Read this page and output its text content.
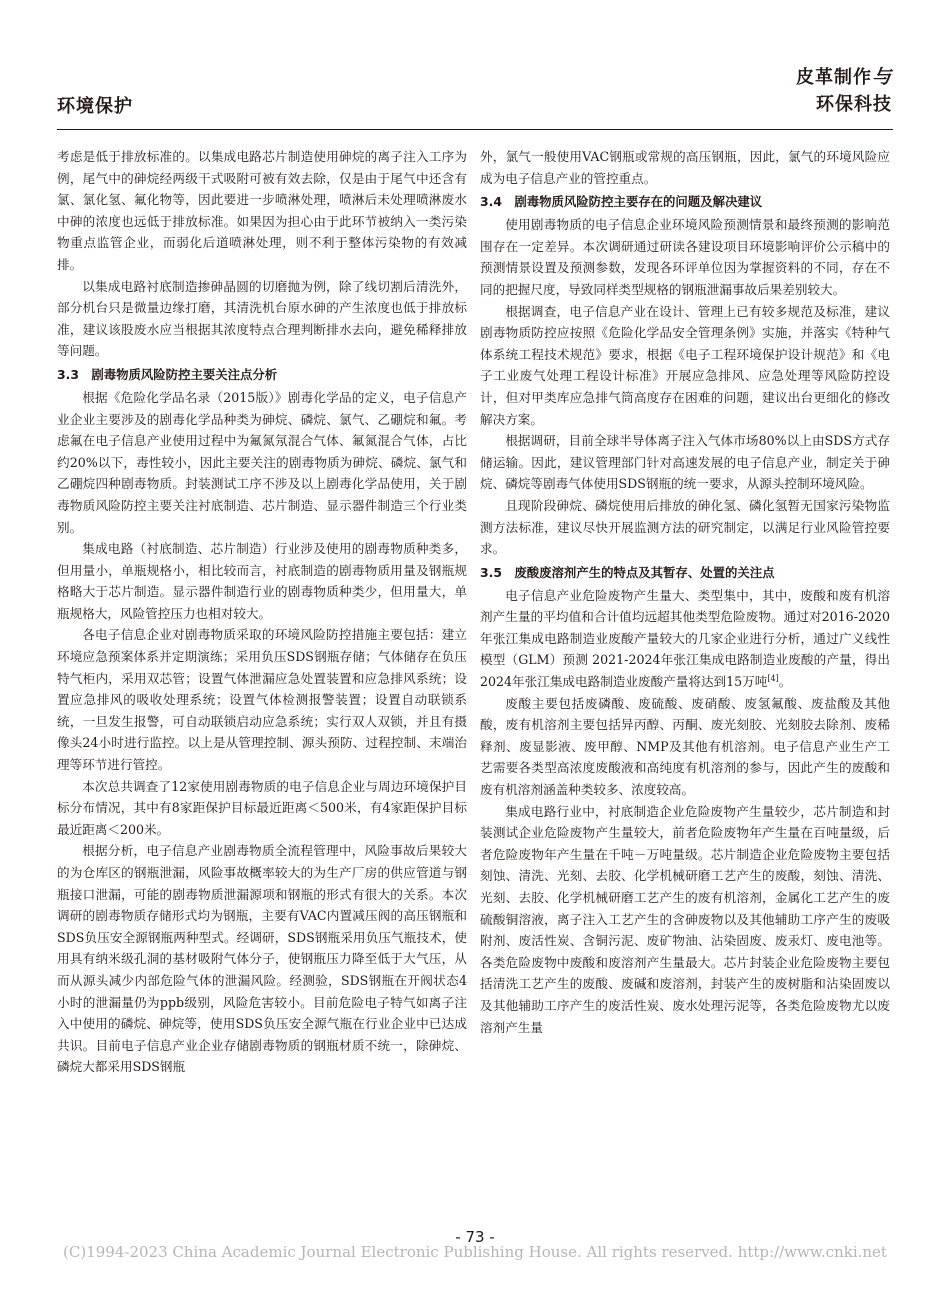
环境保护
皮革制作与
环保科技

考虑是低于排放标准的。以集成电路芯片制造使用砷烷的离子注入工序为例，尾气中的砷烷经两级干式吸附可被有效去除，仅是由于尾气中还含有氯、氯化氢、氟化物等，因此要进一步喷淋处理，喷淋后未处理喷淋废水中砷的浓度也远低于排放标准。如果因为担心由于此环节被纳入一类污染物重点监管企业，而弱化后道喷淋处理，则不利于整体污染物的有效减排。

以集成电路衬底制造掺砷晶圆的切磨抛为例，除了线切割后清洗外，部分机台只是微量边缘打磨，其清洗机台原水砷的产生浓度也低于排放标准，建议该股废水应当根据其浓度特点合理判断排水去向，避免稀释排放等问题。

3.3　剧毒物质风险防控主要关注点分析

根据《危险化学品名录（2015版）》剧毒化学品的定义，电子信息产业企业主要涉及的剧毒化学品种类为砷烷、磷烷、氯气、乙硼烷和氟。考虑氟在电子信息产业使用过程中为氟氮氖混合气体、氟氮混合气体，占比约20%以下，毒性较小，因此主要关注的剧毒物质为砷烷、磷烷、氯气和乙硼烷四种剧毒物质。封装测试工序不涉及以上剧毒化学品使用，关于剧毒物质风险防控主要关注衬底制造、芯片制造、显示器件制造三个行业类别。

集成电路（衬底制造、芯片制造）行业涉及使用的剧毒物质种类多，但用量小，单瓶规格小，相比较而言，衬底制造的剧毒物质用量及钢瓶规格略大于芯片制造。显示器件制造行业的剧毒物质种类少，但用量大，单瓶规格大，风险管控压力也相对较大。

各电子信息企业对剧毒物质采取的环境风险防控措施主要包括：建立环境应急预案体系并定期演练；采用负压SDS钢瓶存储；气体储存在负压特气柜内，采用双芯管；设置气体泄漏应急处置装置和应急排风系统；设置应急排风的吸收处理系统；设置气体检测报警装置；设置自动联锁系统，一旦发生报警，可自动联锁启动应急系统；实行双人双锁，并且有摄像头24小时进行监控。以上是从管理控制、源头预防、过程控制、末端治理等环节进行管控。

本次总共调查了12家使用剧毒物质的电子信息企业与周边环境保护目标分布情况，其中有8家距保护目标最近距离＜500米，有4家距保护目标最近距离＜200米。

根据分析，电子信息产业剧毒物质全流程管理中，风险事故后果较大的为仓库区的钢瓶泄漏，风险事故概率较大的为生产厂房的供应管道与钢瓶接口泄漏，可能的剧毒物质泄漏源项和钢瓶的形式有很大的关系。本次调研的剧毒物质存储形式均为钢瓶，主要有VAC内置减压阀的高压钢瓶和SDS负压安全源钢瓶两种型式。经调研，SDS钢瓶采用负压气瓶技术，使用具有纳米级孔洞的基材吸附气体分子，使钢瓶压力降至低于大气压，从而从源头减少内部危险气体的泄漏风险。经测验，SDS钢瓶在开阀状态4小时的泄漏量仍为ppb级别，风险危害较小。目前危险电子特气如离子注入中使用的磷烷、砷烷等，使用SDS负压安全源气瓶在行业企业中已达成共识。目前电子信息产业企业存储剧毒物质的钢瓶材质不统一，除砷烷、磷烷大都采用SDS钢瓶

外，氯气一般使用VAC钢瓶或常规的高压钢瓶，因此，氯气的环境风险应成为电子信息产业的管控重点。

3.4　剧毒物质风险防控主要存在的问题及解决建议

使用剧毒物质的电子信息企业环境风险预测情景和最终预测的影响范围存在一定差异。本次调研通过研读各建设项目环境影响评价公示稿中的预测情景设置及预测参数，发现各环评单位因为掌握资料的不同，存在不同的把握尺度，导致同样类型规格的钢瓶泄漏事故后果差别较大。

根据调查，电子信息产业在设计、管理上已有较多规范及标准，建议剧毒物质防控应按照《危险化学品安全管理条例》实施，并落实《特种气体系统工程技术规范》要求，根据《电子工程环境保护设计规范》和《电子工业废气处理工程设计标准》开展应急排风、应急处理等风险防控设计，但对甲类库应急排气筒高度存在困难的问题，建议出台更细化的修改解决方案。

根据调研，目前全球半导体离子注入气体市场80%以上由SDS方式存储运输。因此，建议管理部门针对高速发展的电子信息产业，制定关于砷烷、磷烷等剧毒气体使用SDS钢瓶的统一要求，从源头控制环境风险。

且现阶段砷烷、磷烷使用后排放的砷化氢、磷化氢暂无国家污染物监测方法标准，建议尽快开展监测方法的研究制定，以满足行业风险管控要求。

3.5　废酸废溶剂产生的特点及其暂存、处置的关注点

电子信息产业危险废物产生量大、类型集中，其中，废酸和废有机溶剂产生量的平均值和合计值均远超其他类型危险废物。通过对2016-2020年张江集成电路制造业废酸产量较大的几家企业进行分析，通过广义线性模型（GLM）预测 2021-2024年张江集成电路制造业废酸的产量，得出 2024年张江集成电路制造业废酸产量将达到15万吨[4]。

废酸主要包括废磷酸、废硫酸、废硝酸、废氢氟酸、废盐酸及其他酸，废有机溶剂主要包括异丙醇、丙酮、废光刻胶、光刻胶去除剂、废稀释剂、废显影液、废甲醇、NMP及其他有机溶剂。电子信息产业生产工艺需要各类型高浓度废酸液和高纯度有机溶剂的参与，因此产生的废酸和废有机溶剂涵盖种类较多、浓度较高。

集成电路行业中，衬底制造企业危险废物产生量较少，芯片制造和封装测试企业危险废物产生量较大，前者危险废物年产生量在百吨量级，后者危险废物年产生量在千吨－万吨量级。芯片制造企业危险废物主要包括刻蚀、清洗、光刻、去胶、化学机械研磨工艺产生的废酸，刻蚀、清洗、光刻、去胶、化学机械研磨工艺产生的废有机溶剂，金属化工艺产生的废硫酸铜溶液，离子注入工艺产生的含砷废物以及其他辅助工序产生的废吸附剂、废活性炭、含铜污泥、废矿物油、沾染固废、废汞灯、废电池等。各类危险废物中废酸和废溶剂产生量最大。芯片封装企业危险废物主要包括清洗工艺产生的废酸、废碱和废溶剂，封装产生的废树脂和沾染固废以及其他辅助工序产生的废活性炭、废水处理污泥等，各类危险废物尤以废溶剂产生量

- 73 -
(C)1994-2023 China Academic Journal Electronic Publishing House. All rights reserved. http://www.cnki.net
